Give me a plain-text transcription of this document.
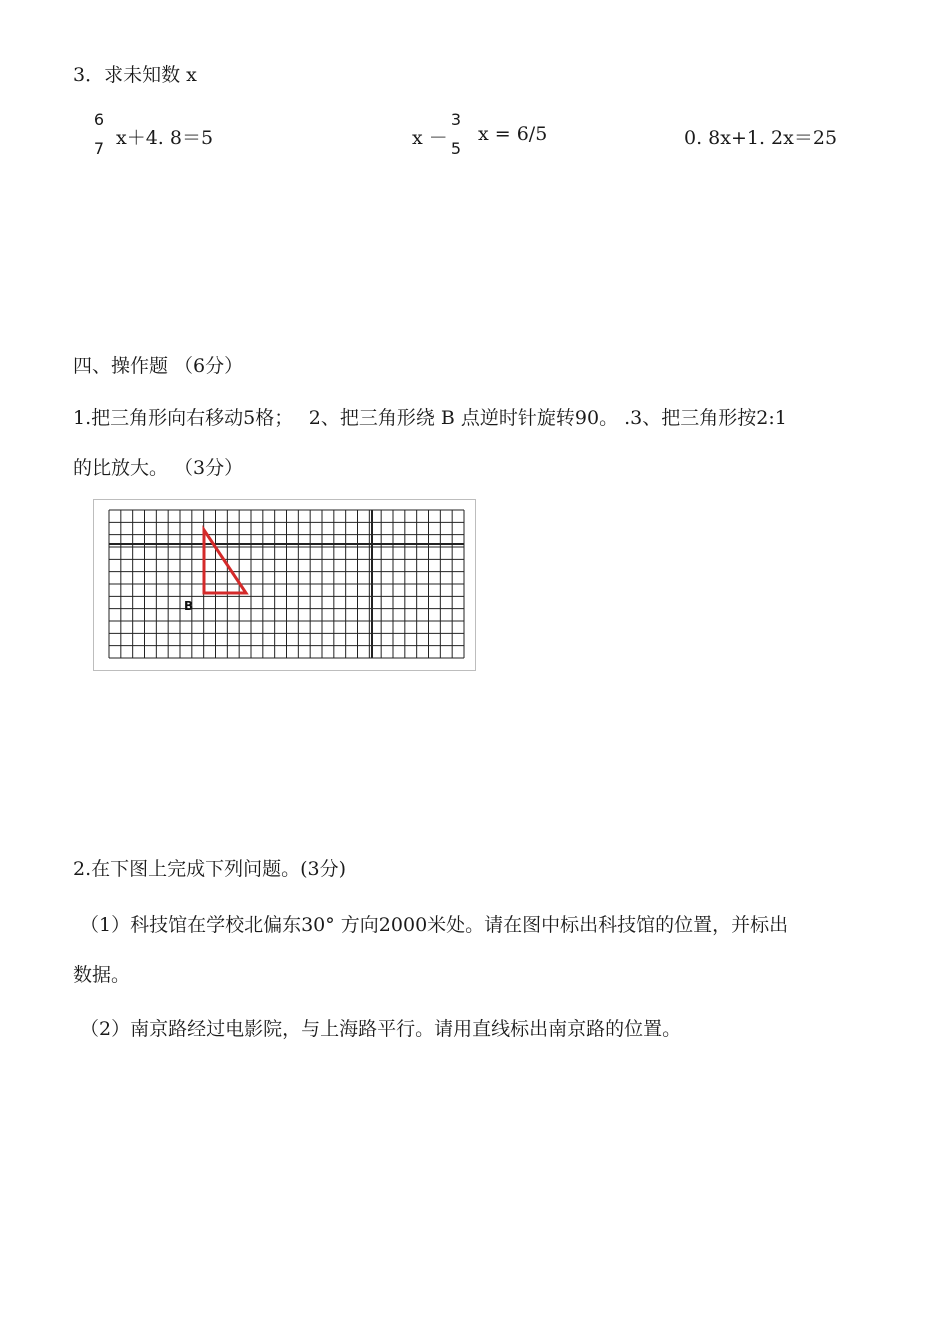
3．求未知数 x
6
7 x＋4. 8＝5	x －
3
5
x = 6/5	0. 8x+1. 2x＝25
四、操作题 （6分）
1.把三角形向右移动5格；　 2、把三角形绕 B 点逆时针旋转90。 .3、把三角形按2:1
的比放大。 （3分）
B
2.在下图上完成下列问题。(3分)
（1）科技馆在学校北偏东30° 方向2000米处。请在图中标出科技馆的位置，并标出
数据。
（2）南京路经过电影院，与上海路平行。请用直线标出南京路的位置。
